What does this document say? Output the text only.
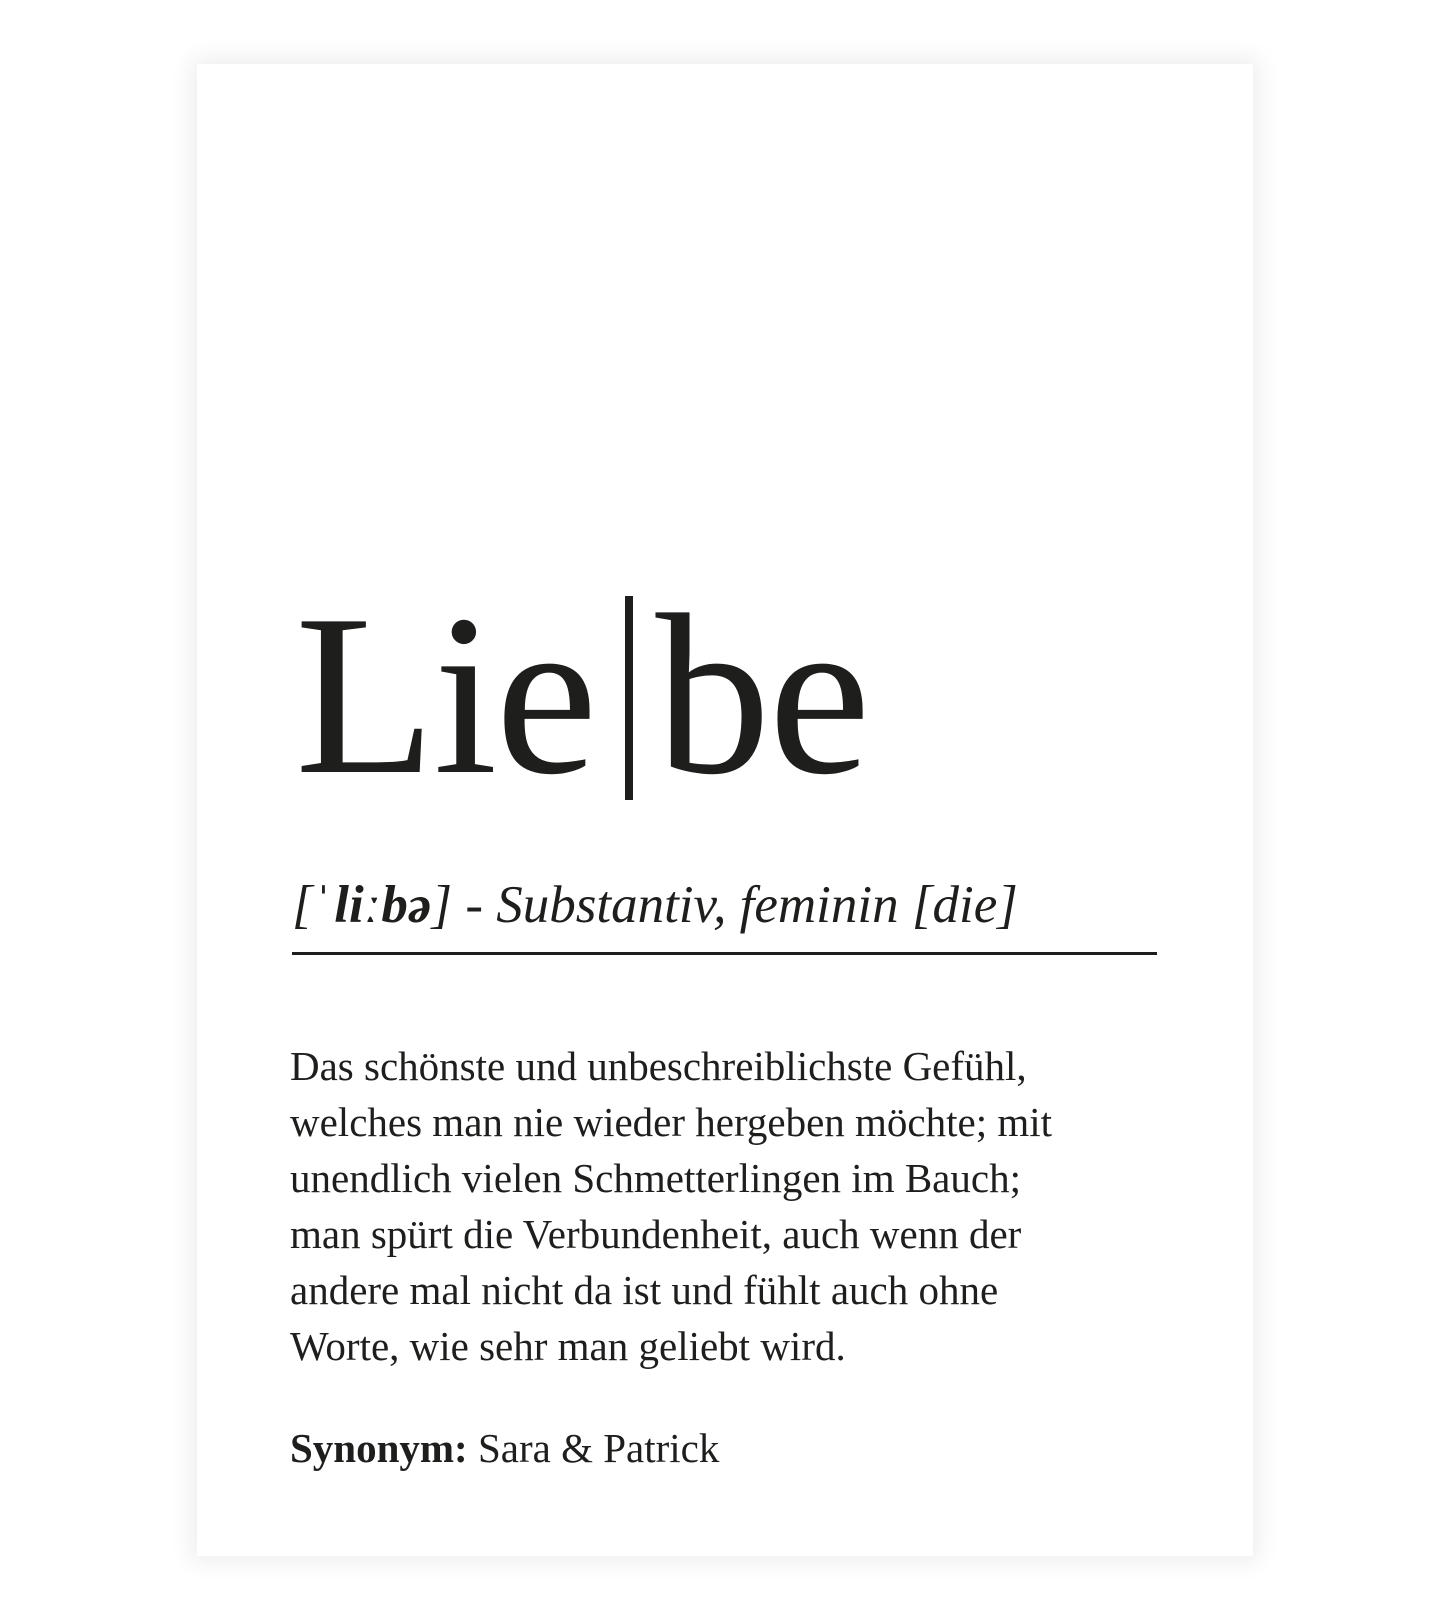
Lie be
[ˈliːbə] - Substantiv, feminin [die]
Das schönste und unbeschreiblichste Gefühl,
welches man nie wieder hergeben möchte; mit
unendlich vielen Schmetterlingen im Bauch;
man spürt die Verbundenheit, auch wenn der
andere mal nicht da ist und fühlt auch ohne
Worte, wie sehr man geliebt wird.
Synonym: Sara & Patrick
